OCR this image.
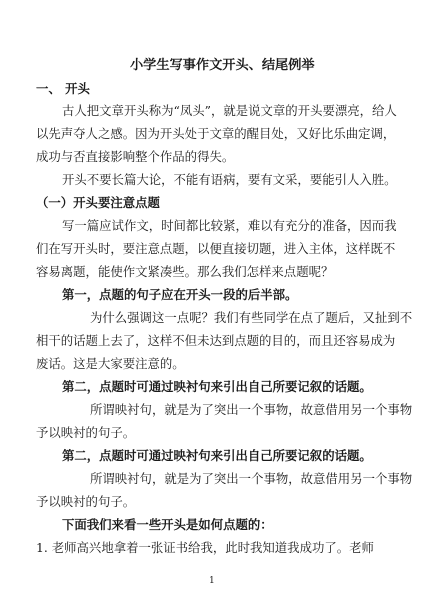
小学生写事作文开头、结尾例举
一、 开头
古人把文章开头称为“凤头”，就是说文章的开头要漂亮，给人
以先声夺人之感。因为开头处于文章的醒目处，又好比乐曲定调，
成功与否直接影响整个作品的得失。
开头不要长篇大论，不能有语病，要有文采，要能引人入胜。
（一）开头要注意点题
写一篇应试作文，时间都比较紧，难以有充分的准备，因而我
们在写开头时，要注意点题，以便直接切题，进入主体，这样既不
容易离题，能使作文紧凑些。那么我们怎样来点题呢？
第一，点题的句子应在开头一段的后半部。
为什么强调这一点呢？我们有些同学在点了题后，又扯到不
相干的话题上去了，这样不但未达到点题的目的，而且还容易成为
废话。这是大家要注意的。
第二，点题时可通过映衬句来引出自己所要记叙的话题。
所谓映衬句，就是为了突出一个事物，故意借用另一个事物
予以映衬的句子。
第二，点题时可通过映衬句来引出自己所要记叙的话题。
所谓映衬句，就是为了突出一个事物，故意借用另一个事物
予以映衬的句子。
下面我们来看一些开头是如何点题的：
1. 老师高兴地拿着一张证书给我，此时我知道我成功了。老师
1
